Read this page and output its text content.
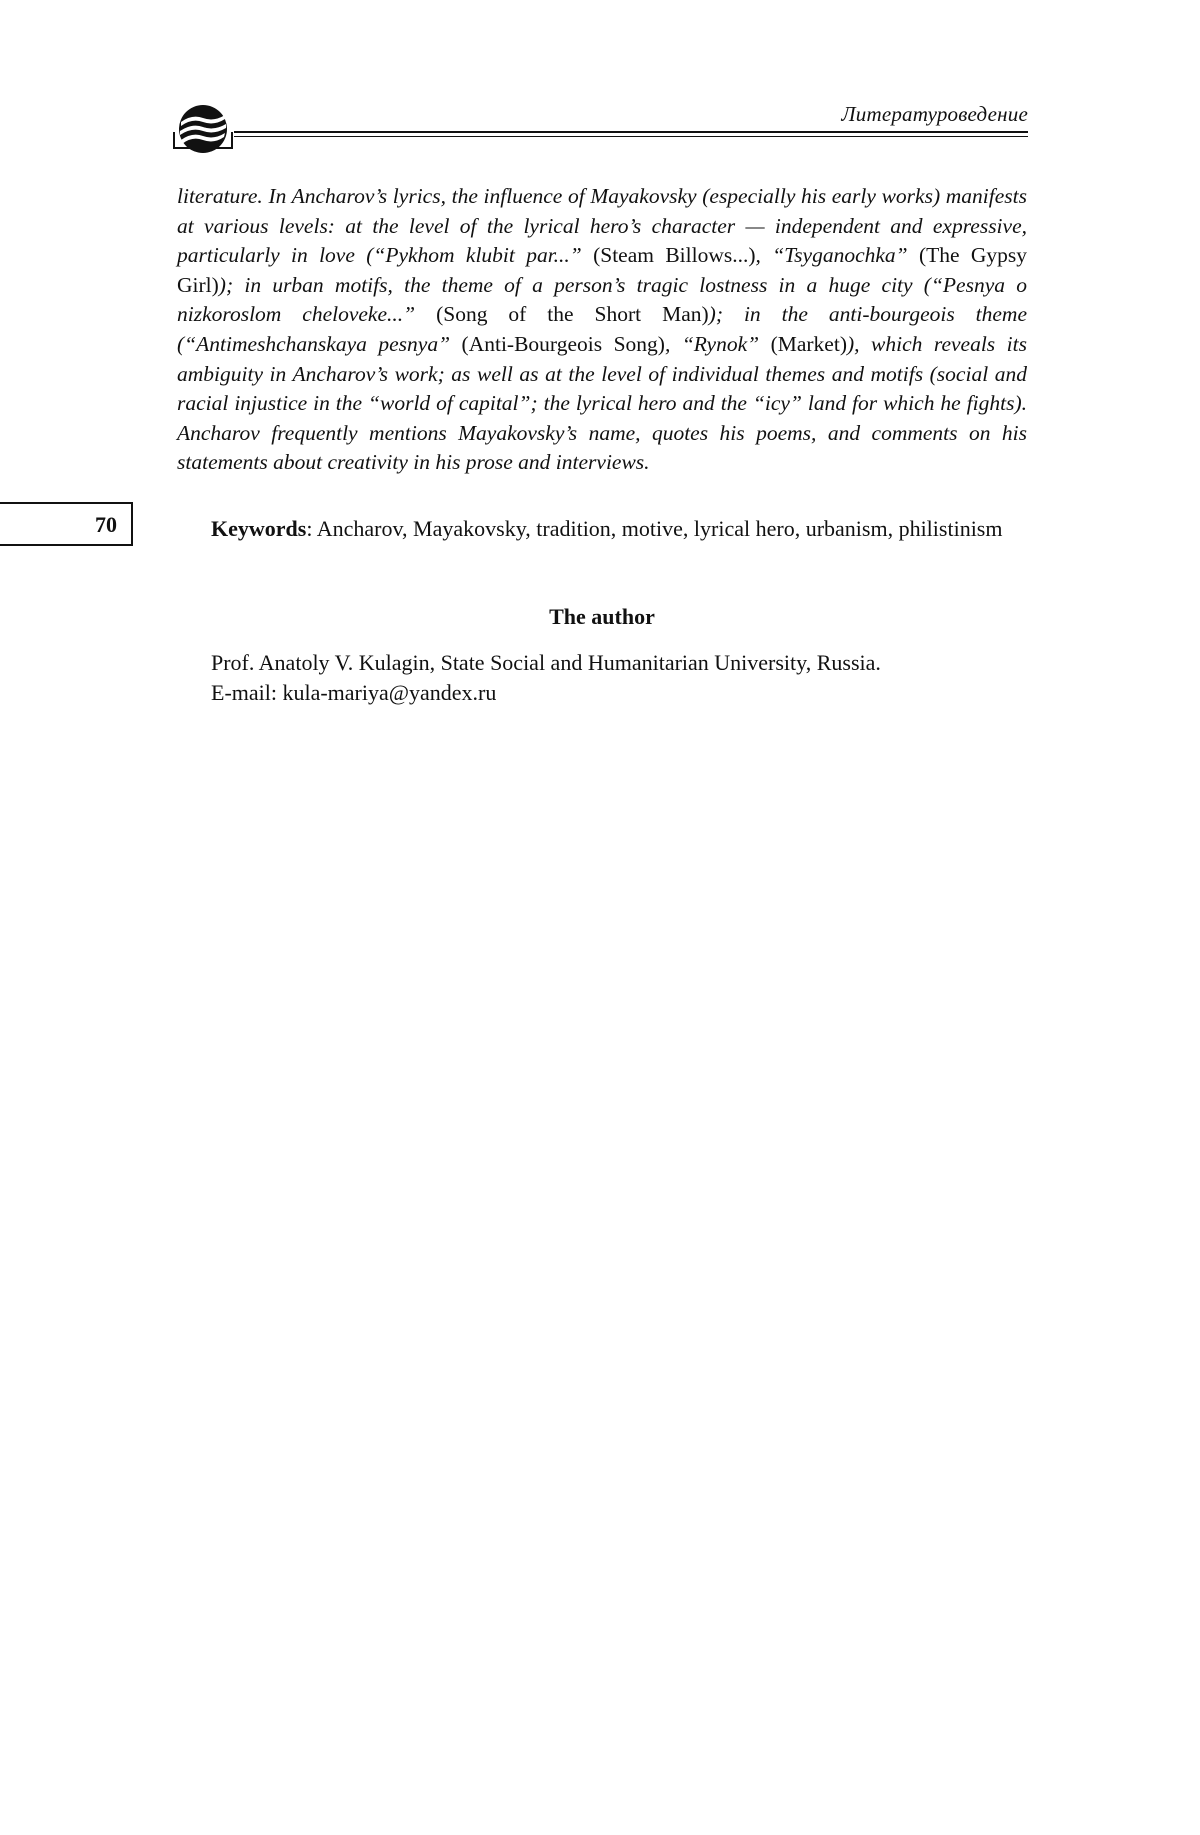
Литературоведение
literature. In Ancharov’s lyrics, the influence of Mayakovsky (especially his early works) manifests at various levels: at the level of the lyrical hero’s character — independent and expressive, particularly in love (“Pykhom klubit par...” (Steam Billows...), “Tsyganochka” (The Gypsy Girl)); in urban motifs, the theme of a person’s tragic lostness in a huge city (“Pesnya o nizkoroslom cheloveke...” (Song of the Short Man)); in the anti-bourgeois theme (“Antimeshchanskaya pesnya” (Anti-Bourgeois Song), “Rynok” (Market)), which reveals its ambiguity in Ancharov’s work; as well as at the level of individual themes and motifs (social and racial injustice in the “world of capital”; the lyrical hero and the “icy” land for which he fights). Ancharov frequently mentions Mayakovsky’s name, quotes his poems, and comments on his statements about creativity in his prose and interviews.
70	Keywords: Ancharov, Mayakovsky, tradition, motive, lyrical hero, urbanism, philistinism
The author
Prof. Anatoly V. Kulagin, State Social and Humanitarian University, Russia.
E-mail: kula-mariya@yandex.ru
